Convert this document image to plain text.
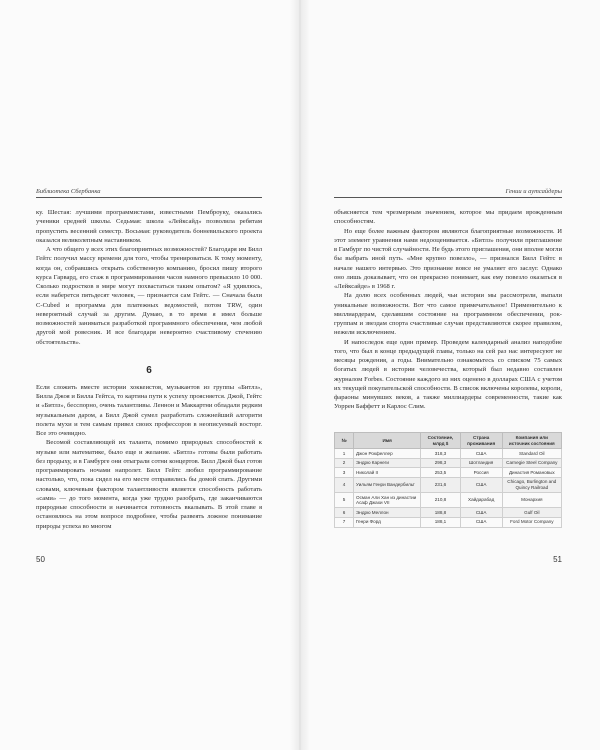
Библиотека Сбербанка

ку. Шестая: лучшими программистами, известными Пемброуку, оказались ученики средней школы. Седьмая: школа «Лейксайд» позволила ребятам пропустить весенний семестр. Восьмая: руководитель бонневильского проекта оказался великолепным наставником.

А что общего у всех этих благоприятных возможностей? Благодаря им Билл Гейтс получил массу времени для того, чтобы тренироваться. К тому моменту, когда он, собравшись открыть собственную компанию, бросил пишу второго курса Гарвард, его стаж в программировании часов намного превысило 10 000. Сколько подростков в мире могут похвастаться таким опытом? «Я удивлюсь, если наберется пятьдесят человек, — признается сам Гейтс. — Сначала были C-Cubed и программа для платежных ведомостей, потом TRW, один невероятный случай за другим. Думаю, в то время я имел больше возможностей заниматься разработкой программного обеспечения, чем любой другой мой ровесник. И все благодаря невероятно счастливому стечению обстоятельств».

6

Если сложить вместе истории хоккеистов, музыкантов из группы «Битлз», Билла Джоя и Билла Гейтса, то картина пути к успеху проясняется. Джой, Гейтс и «Битлз», бесспорно, очень талантливы. Леннон и Маккартни обладали редким музыкальным даром, а Билл Джой сумел разработать сложнейший алгоритм полета мухи и тем самым привел своих профессоров в неописуемый восторг. Все это очевидно.

Весомой составляющей их таланта, помимо природных способностей к музыке или математике, было еще и желание. «Битлз» готовы были работать без продыху, и в Гамбурге они отыграли сотни концертов. Билл Джой был готов программировать ночами напролет. Билл Гейтс любил программирование настолько, что, пока сидел на его месте отправились бы домой спать. Другими словами, ключевым фактором талантливости является способность работать «сами» — до того момента, когда уже трудно разобрать, где заканчиваются природные способности и начинается готовность вкалывать. В этой главе я остановлюсь на этом вопросе подробнее, чтобы развеять ложное понимание природы успеха во многом

50
Гении и аутсайдеры

объясняется тем чрезмерным значением, которое мы придаем врожденным способностям.

Но еще более важным фактором являются благоприятные возможности. И этот элемент уравнения нами недооценивается. «Битлз» получили приглашение в Гамбург по чистой случайности. Не будь этого приглашения, они вполне могли бы выбрать иной путь. «Мне крупно повезло», — признался Билл Гейтс в начале нашего интервью. Это признание вовсе не умаляет его заслуг. Однако оно лишь доказывает, что он прекрасно понимает, как ему повезло оказаться в «Лейксайде» в 1968 г.

На долю всех особенных людей, чьи истории мы рассмотрели, выпали уникальные возможности. Вот что самое примечательное! Применительно к миллиардерам, сделавшим состояние на программном обеспечении, рок-группам и звездам спорта счастливые случаи представляются скорее правилом, нежели исключением.

И напоследок еще один пример. Проведем календарный анализ наподобие того, что был в конце предыдущей главы, только на сей раз нас интересуют не месяцы рождения, а годы. Внимательно ознакомьтесь со списком 75 самых богатых людей в истории человечества, который был недавно составлен журналом Forbes. Состояние каждого из них оценено в долларах США с учетом их текущей покупательской способности. В список включены королевы, короли, фараоны минувших веков, а также миллиардеры современности, такие как Уоррен Баффетт и Карлос Слим.

№	Имя	Состояние, млрд $	Страна проживания	Компания или источник состояния
1	Джон Рокфеллер	318,3	США	Standard Oil
2	Эндрю Карнеги	298,3	Шотландия	Carnegie Steel Company
3	Николай II	253,5	Россия	Династия Романовых
4	Уильям Генри Вандербильт	231,6	США	Chicago, Burlington and Quincy Railroad
5	Осман Али Хан из династии Асаф Джахи VII	210,8	Хайдарабад	Монархия
6	Эндрю Меллон	188,8	США	Gulf Oil
7	Генри Форд	188,1	США	Ford Motor Company
51
